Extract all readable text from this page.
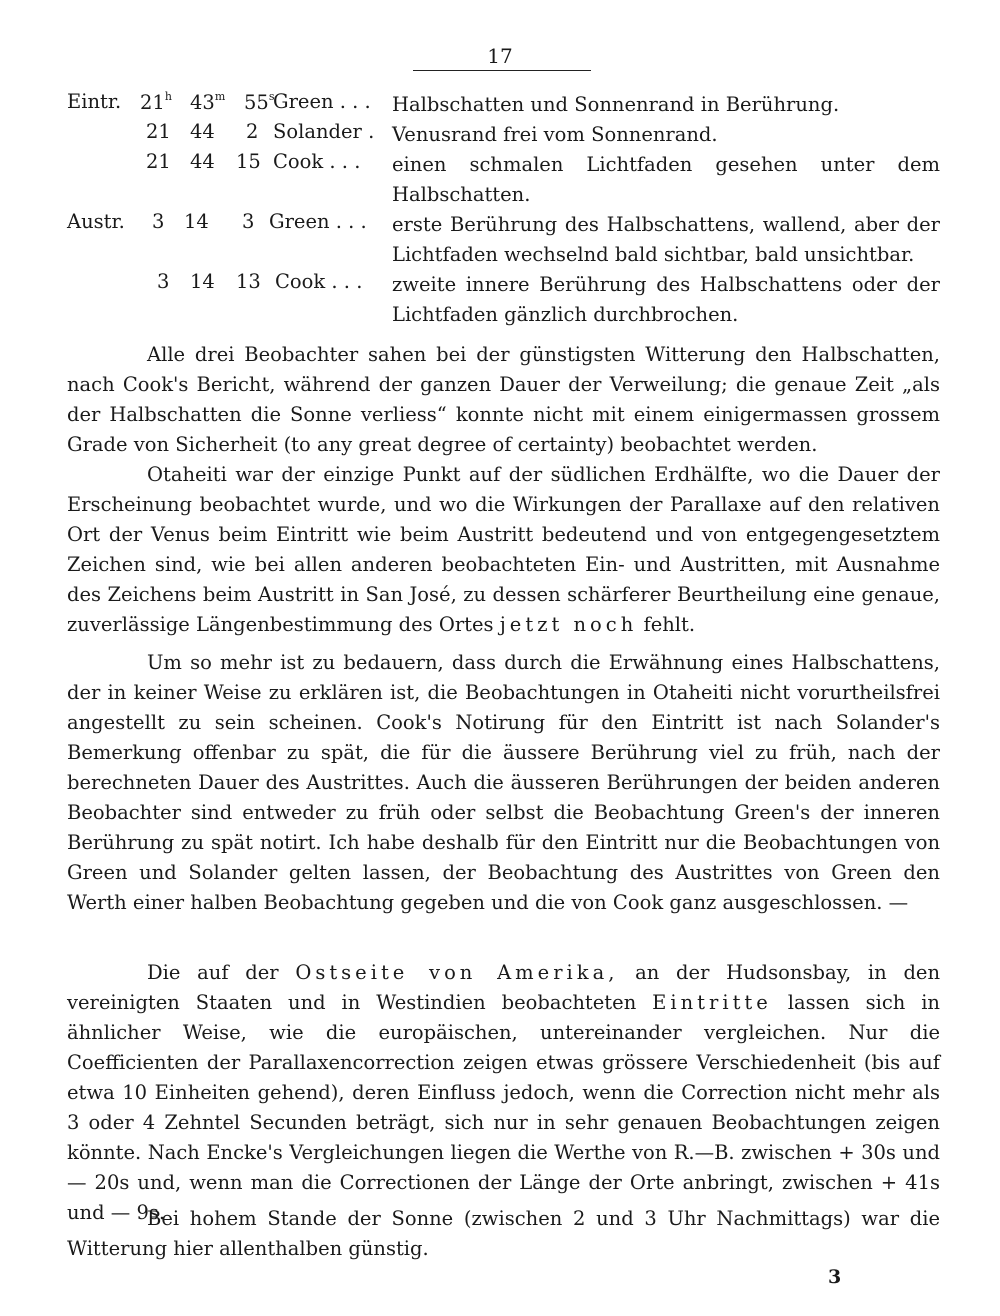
17
Eintr. 21$^h$ 43$^m$ 55$^s$
Green . . . Halbschatten und Sonnenrand in Berührung.
21 44 2 Solander . Venusrand frei vom Sonnenrand.
21 44 15 Cook . . . einen schmalen Lichtfaden gesehen unter dem Halbschatten.
Austr. 3 14 3 Green . . . erste Berührung des Halbschattens, wallend, aber der Lichtfaden wechselnd bald sichtbar, bald unsichtbar.
3 14 13 Cook . . . zweite innere Berührung des Halbschattens oder der Lichtfaden gänzlich durchbrochen.

Alle drei Beobachter sahen bei der günstigsten Witterung den Halbschatten, nach Cook's Bericht, während der ganzen Dauer der Verweilung; die genaue Zeit „als der Halbschatten die Sonne verliess“ konnte nicht mit einem einigermassen grossem Grade von Sicherheit (to any great degree of certainty) beobachtet werden.

Otaheiti war der einzige Punkt auf der südlichen Erdhälfte, wo die Dauer der Erscheinung beobachtet wurde, und wo die Wirkungen der Parallaxe auf den relativen Ort der Venus beim Eintritt wie beim Austritt bedeutend und von entgegengesetztem Zeichen sind, wie bei allen anderen beobachteten Ein- und Austritten, mit Ausnahme des Zeichens beim Austritt in San José, zu dessen schärferer Beurtheilung eine genaue, zuverlässige Längenbestimmung des Ortes jetzt noch fehlt.

Um so mehr ist zu bedauern, dass durch die Erwähnung eines Halbschattens, der in keiner Weise zu erklären ist, die Beobachtungen in Otaheiti nicht vorurtheilsfrei angestellt zu sein scheinen. Cook's Notirung für den Eintritt ist nach Solander's Bemerkung offenbar zu spät, die für die äussere Berührung viel zu früh, nach der berechneten Dauer des Austrittes. Auch die äusseren Berührungen der beiden anderen Beobachter sind entweder zu früh oder selbst die Beobachtung Green's der inneren Berührung zu spät notirt. Ich habe deshalb für den Eintritt nur die Beobachtungen von Green und Solander gelten lassen, der Beobachtung des Austrittes von Green den Werth einer halben Beobachtung gegeben und die von Cook ganz ausgeschlossen. —

Die auf der Ostseite von Amerika, an der Hudsonsbay, in den vereinigten Staaten und in Westindien beobachteten Eintritte lassen sich in ähnlicher Weise, wie die europäischen, untereinander vergleichen. Nur die Coefficienten der Parallaxencorrection zeigen etwas grössere Verschiedenheit (bis auf etwa 10 Einheiten gehend), deren Einfluss jedoch, wenn die Correction nicht mehr als 3 oder 4 Zehntel Secunden beträgt, sich nur in sehr genauen Beobachtungen zeigen könnte. Nach Encke's Vergleichungen liegen die Werthe von R.—B. zwischen + 30s und — 20s und, wenn man die Correctionen der Länge der Orte anbringt, zwischen + 41s und — 9s.

Bei hohem Stande der Sonne (zwischen 2 und 3 Uhr Nachmittags) war die Witterung hier allenthalben günstig.

3
